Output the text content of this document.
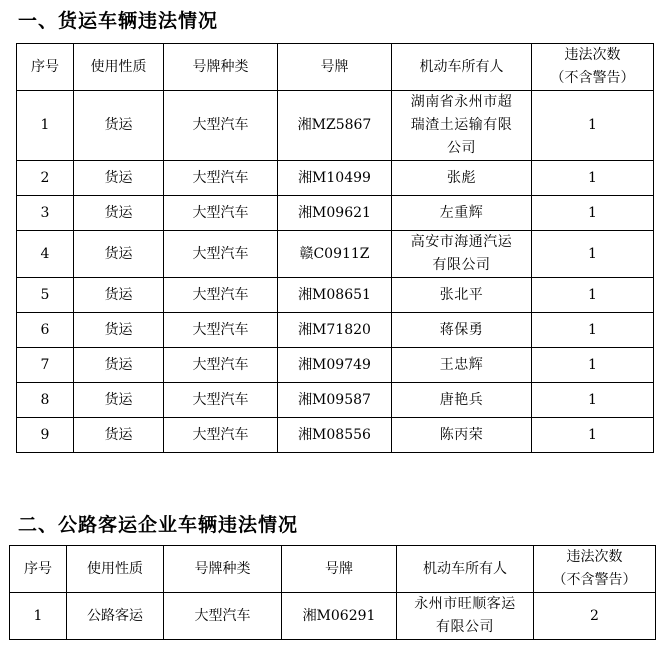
一、货运车辆违法情况
序号	使用性质	号牌种类	号牌	机动车所有人	违法次数
（不含警告）

1	货运	大型汽车	湘MZ5867	湖南省永州市超
瑞渣土运输有限
公司	1
2	货运	大型汽车	湘M10499	张彪	1
3	货运	大型汽车	湘M09621	左重辉	1
4	货运	大型汽车	赣C0911Z	高安市海通汽运
有限公司	1
5	货运	大型汽车	湘M08651	张北平	1
6	货运	大型汽车	湘M71820	蒋保勇	1
7	货运	大型汽车	湘M09749	王忠辉	1
8	货运	大型汽车	湘M09587	唐艳兵	1
9	货运	大型汽车	湘M08556	陈丙荣	1
二、公路客运企业车辆违法情况
序号	使用性质	号牌种类	号牌	机动车所有人	违法次数
（不含警告）

1	公路客运	大型汽车	湘M06291	永州市旺顺客运
有限公司	2
